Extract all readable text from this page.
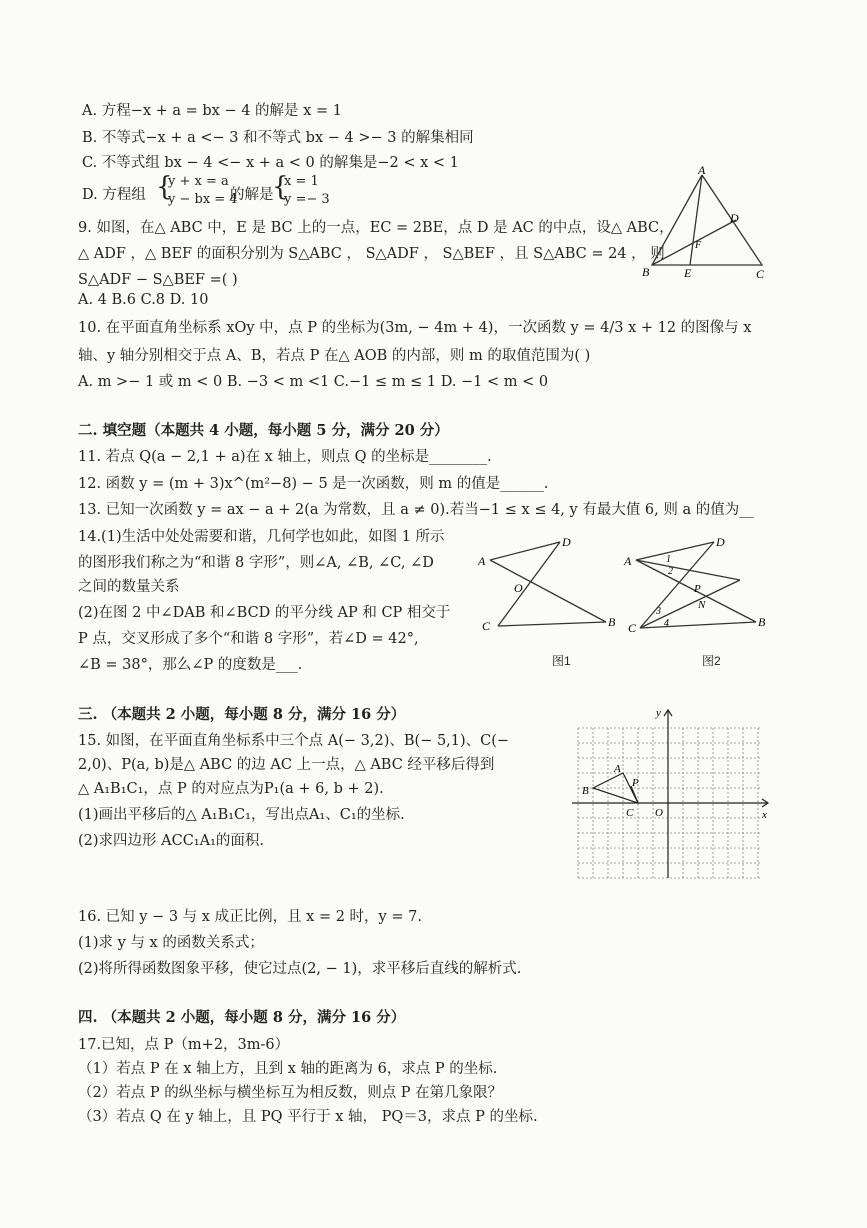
A. 方程−x + a = bx − 4 的解是 x = 1
B. 不等式−x + a <− 3 和不等式 bx − 4 >− 3 的解集相同
C. 不等式组 bx − 4 <− x + a < 0 的解集是−2 < x < 1
D. 方程组 {
y + x = a
y − bx = 4
的解是
{
x = 1
y =− 3
9. 如图，在△ ABC 中，E 是 BC 上的一点，EC = 2BE，点 D 是 AC 的中点，设△ ABC，
△ ADF ，△ BEF 的面积分别为 S△ABC ， S△ADF ， S△BEF ，且 S△ABC = 24 ， 则
S△ADF − S△BEF =( )
A. 4 B.6 C.8 D. 10
A
B	C
D
E
F
10. 在平面直角坐标系 xOy 中，点 P 的坐标为(3m, − 4m + 4)，一次函数 y = 4/3 x + 12 的图像与 x
轴、y 轴分别相交于点 A、B，若点 P 在△ AOB 的内部，则 m 的取值范围为( )
A. m >− 1 或 m < 0 B. −3 < m <1 C.−1 ≤ m ≤ 1 D. −1 < m < 0
二. 填空题（本题共 4 小题，每小题 5 分，满分 20 分）
11. 若点 Q(a − 2,1 + a)在 x 轴上，则点 Q 的坐标是________.
12. 函数 y = (m + 3)x^(m²−8) − 5 是一次函数，则 m 的值是______.
13. 已知一次函数 y = ax − a + 2(a 为常数，且 a ≠ 0).若当−1 ≤ x ≤ 4, y 有最大值 6, 则 a 的值为__
14.(1)生活中处处需要和谐，几何学也如此，如图 1 所示
的图形我们称之为“和谐 8 字形”，则∠A, ∠B, ∠C, ∠D
之间的数量关系
(2)在图 2 中∠DAB 和∠BCD 的平分线 AP 和 CP 相交于
P 点，交叉形成了多个“和谐 8 字形”，若∠D = 42°,
∠B = 38°，那么∠P 的度数是___.
A
B
C
D
O
图1
A
B
C
D
P
N
1
2
3
4
图2
三. （本题共 2 小题，每小题 8 分，满分 16 分）
15. 如图，在平面直角坐标系中三个点 A(− 3,2)、B(− 5,1)、C(−
2,0)、P(a, b)是△ ABC 的边 AC 上一点，△ ABC 经平移后得到
△ A₁B₁C₁，点 P 的对应点为P₁(a + 6, b + 2).
(1)画出平移后的△ A₁B₁C₁，写出点A₁、C₁的坐标.
(2)求四边形 ACC₁A₁的面积.
y
x
O
A
B
C
P
16. 已知 y − 3 与 x 成正比例，且 x = 2 时，y = 7.
(1)求 y 与 x 的函数关系式；
(2)将所得函数图象平移，使它过点(2, − 1)，求平移后直线的解析式.
四. （本题共 2 小题，每小题 8 分，满分 16 分）
17.已知，点 P（m+2，3m-6）
（1）若点 P 在 x 轴上方，且到 x 轴的距离为 6，求点 P 的坐标.
（2）若点 P 的纵坐标与横坐标互为相反数，则点 P 在第几象限？
（3）若点 Q 在 y 轴上，且 PQ 平行于 x 轴， PQ＝3，求点 P 的坐标.
